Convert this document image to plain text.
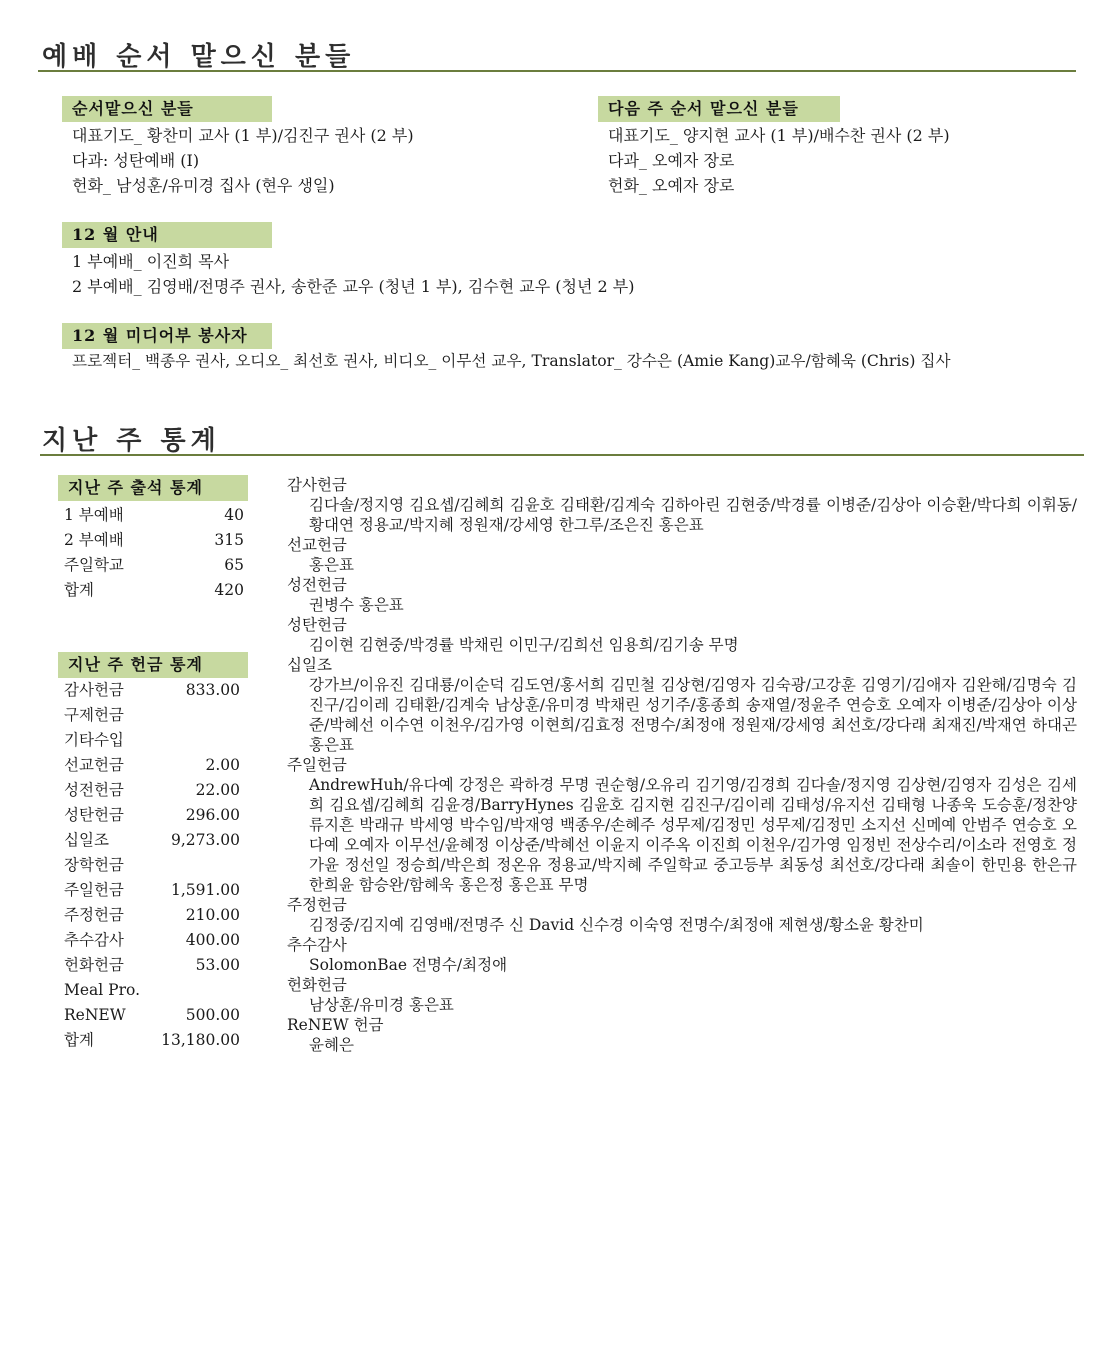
예배 순서 맡으신 분들
순서맡으신 분들
대표기도_ 황찬미 교사 (1 부)/김진구 권사 (2 부)
다과: 성탄예배 (I)
헌화_ 남성훈/유미경 집사 (현우 생일)
다음 주 순서 맡으신 분들
대표기도_ 양지현 교사 (1 부)/배수찬 권사 (2 부)
다과_ 오예자 장로
헌화_ 오예자 장로
12 월 안내
1 부예배_ 이진희 목사
2 부예배_ 김영배/전명주 권사, 송한준 교우 (청년 1 부), 김수현 교우 (청년 2 부)
12 월 미디어부 봉사자
프로젝터_ 백종우 권사, 오디오_ 최선호 권사, 비디오_ 이무선 교우, Translator_ 강수은 (Amie Kang)교우/함혜욱 (Chris) 집사
지난 주 통계
지난 주 출석 통계
1 부예배	40
2 부예배	315
주일학교	65
합계	420
지난 주 헌금 통계
감사헌금	833.00
구제헌금
기타수입
선교헌금	2.00
성전헌금	22.00
성탄헌금	296.00
십일조	9,273.00
장학헌금
주일헌금	1,591.00
주정헌금	210.00
추수감사	400.00
헌화헌금	53.00
Meal Pro.
ReNEW	500.00
합계	13,180.00
감사헌금
김다솔/정지영 김요셉/김혜희 김윤호 김태환/김계숙 김하아린 김현중/박경률 이병준/김상아 이승환/박다희 이휘동/황대연 정용교/박지혜 정원재/강세영 한그루/조은진 홍은표
선교헌금
홍은표
성전헌금
권병수 홍은표
성탄헌금
김이현 김현중/박경률 박채린 이민구/김희선 임용희/김기송 무명
십일조
강가브/이유진 김대룡/이순덕 김도연/홍서희 김민철 김상현/김영자 김숙광/고강훈 김영기/김애자 김완해/김명숙 김진구/김이레 김태환/김계숙 남상훈/유미경 박채린 성기주/홍종희 송재열/정윤주 연승호 오예자 이병준/김상아 이상준/박혜선 이수연 이천우/김가영 이현희/김효정 전명수/최정애 정원재/강세영 최선호/강다래 최재진/박재연 하대곤 홍은표
주일헌금
AndrewHuh/유다예 강정은 곽하경 무명 권순형/오유리 김기영/김경희 김다솔/정지영 김상현/김영자 김성은 김세희 김요셉/김혜희 김윤경/BarryHynes 김윤호 김지현 김진구/김이레 김태성/유지선 김태형 나종욱 도승훈/정찬양 류지흔 박래규 박세영 박수임/박재영 백종우/손혜주 성무제/김정민 성무제/김정민 소지선 신메예 안범주 연승호 오다예 오예자 이무선/윤혜정 이상준/박혜선 이윤지 이주옥 이진희 이천우/김가영 임정빈 전상수리/이소라 전영호 정가윤 정선일 정승희/박은희 정온유 정용교/박지혜 주일학교 중고등부 최동성 최선호/강다래 최솔이 한민용 한은규 한희윤 함승완/함혜욱 홍은정 홍은표 무명
주정헌금
김정중/김지예 김영배/전명주 신 David 신수경 이숙영 전명수/최정애 제현생/황소윤 황찬미
추수감사
SolomonBae 전명수/최정애
헌화헌금
남상훈/유미경 홍은표
ReNEW 헌금
윤혜은
